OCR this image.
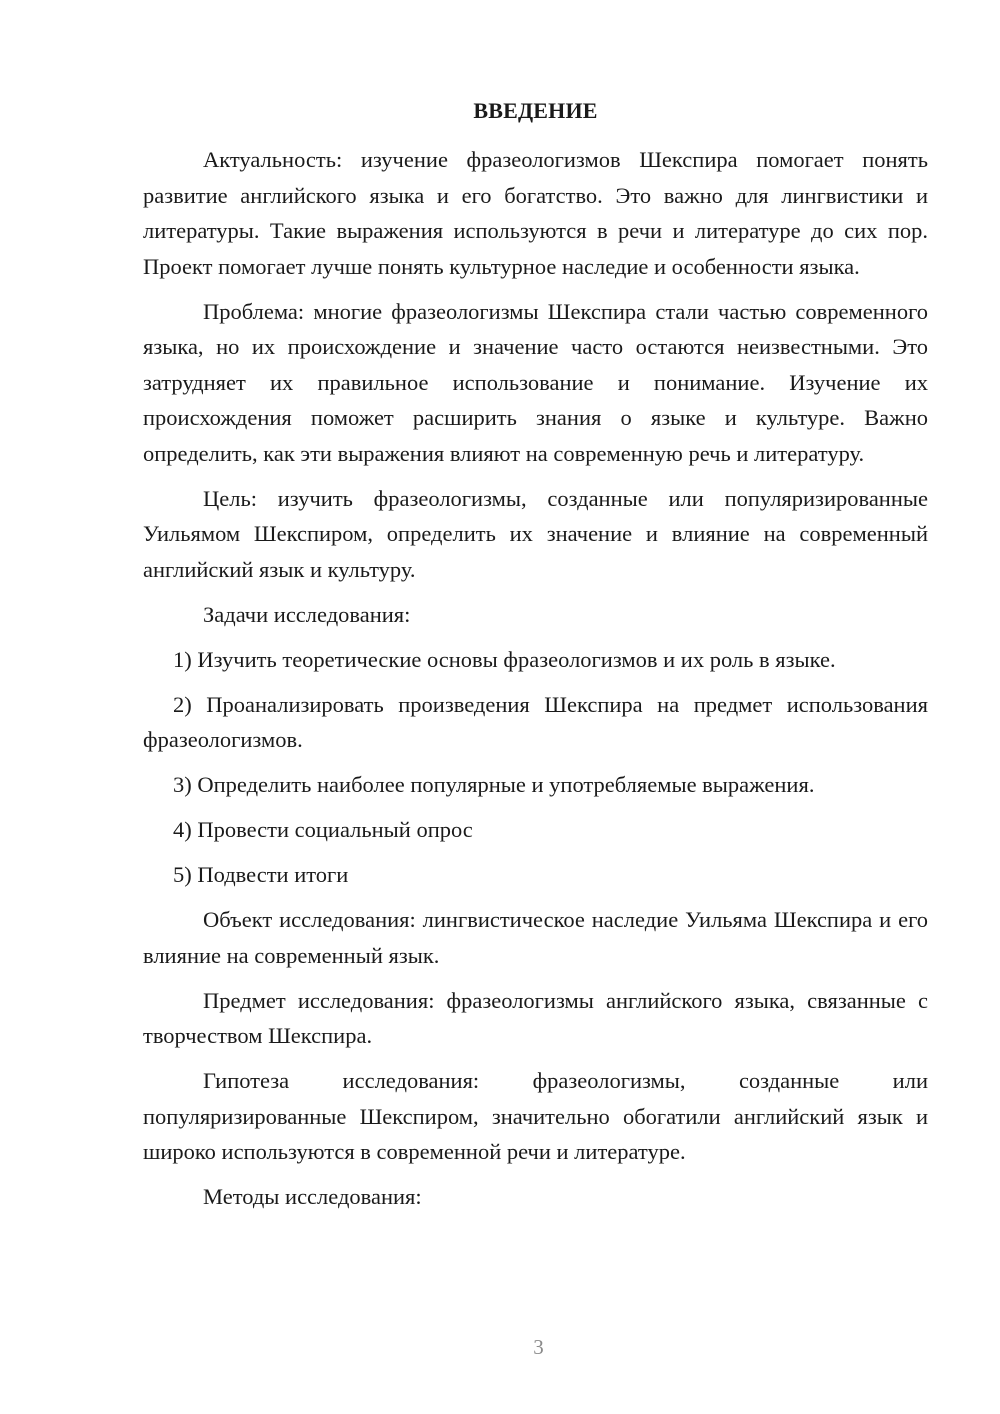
ВВЕДЕНИЕ

Актуальность: изучение фразеологизмов Шекспира помогает понять развитие английского языка и его богатство. Это важно для лингвистики и литературы. Такие выражения используются в речи и литературе до сих пор. Проект помогает лучше понять культурное наследие и особенности языка.

Проблема: многие фразеологизмы Шекспира стали частью современного языка, но их происхождение и значение часто остаются неизвестными. Это затрудняет их правильное использование и понимание. Изучение их происхождения поможет расширить знания о языке и культуре. Важно определить, как эти выражения влияют на современную речь и литературу.

Цель: изучить фразеологизмы, созданные или популяризированные Уильямом Шекспиром, определить их значение и влияние на современный английский язык и культуру.

Задачи исследования:

1) Изучить теоретические основы фразеологизмов и их роль в языке.

2) Проанализировать произведения Шекспира на предмет использования фразеологизмов.

3) Определить наиболее популярные и употребляемые выражения.

4) Провести социальный опрос

5) Подвести итоги

Объект исследования: лингвистическое наследие Уильяма Шекспира и его влияние на современный язык.

Предмет исследования: фразеологизмы английского языка, связанные с творчеством Шекспира.

Гипотеза исследования: фразеологизмы, созданные или популяризированные Шекспиром, значительно обогатили английский язык и широко используются в современной речи и литературе.

Методы исследования:

3
